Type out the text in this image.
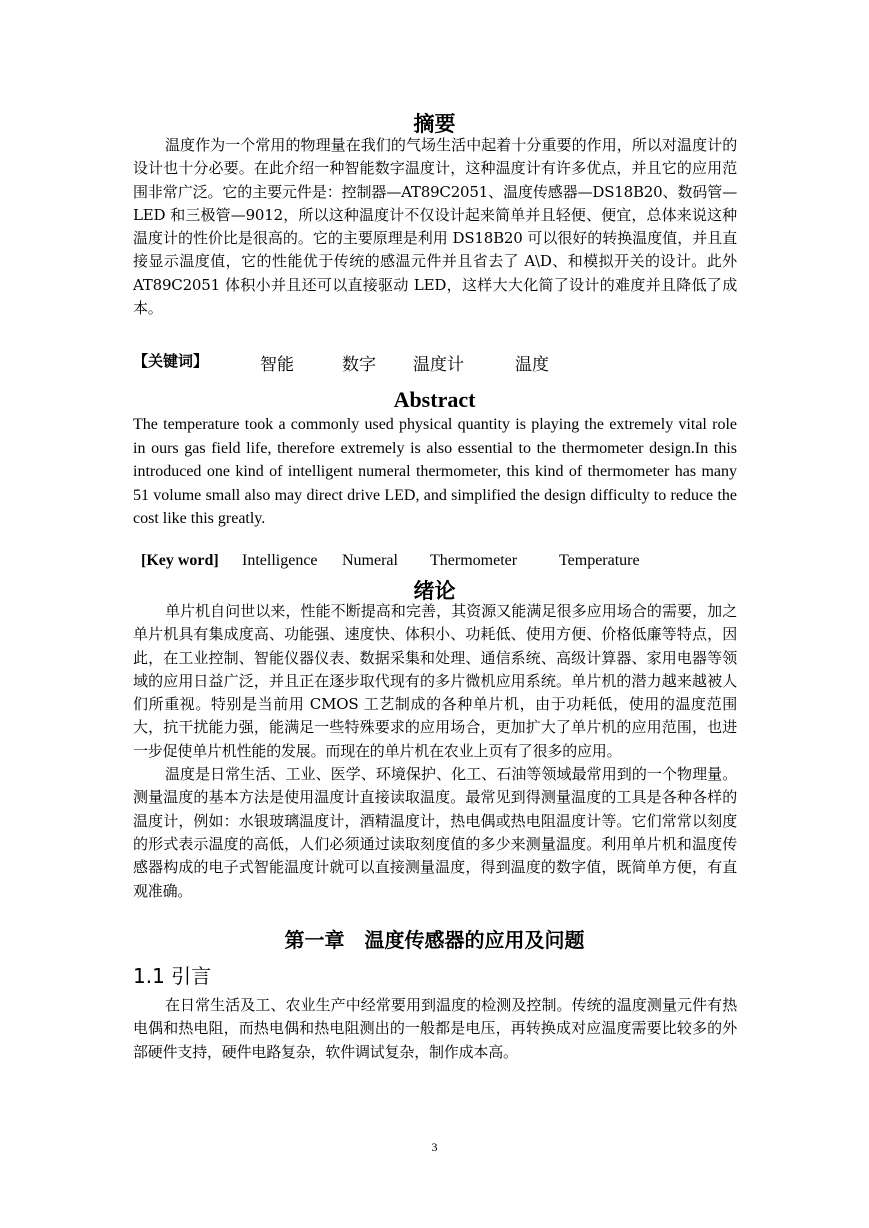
摘要

温度作为一个常用的物理量在我们的气场生活中起着十分重要的作用，所以对温度计的设计也十分必要。在此介绍一种智能数字温度计，这种温度计有许多优点，并且它的应用范围非常广泛。它的主要元件是：控制器—AT89C2051、温度传感器—DS18B20、数码管—LED 和三极管—9012，所以这种温度计不仅设计起来简单并且轻便、便宜，总体来说这种温度计的性价比是很高的。它的主要原理是利用 DS18B20 可以很好的转换温度值，并且直接显示温度值，它的性能优于传统的感温元件并且省去了 A\D、和模拟开关的设计。此外 AT89C2051 体积小并且还可以直接驱动 LED，这样大大化简了设计的难度并且降低了成本。

【关键词】	智能	数字 温度计	温度
Abstract

The temperature took a commonly used physical quantity is playing the extremely vital role in ours gas field life, therefore extremely is also essential to the thermometer design.In this introduced one kind of intelligent numeral thermometer, this kind of thermometer has many 51 volume small also may direct drive LED, and simplified the design difficulty to reduce the cost like this greatly.

[Key word] Intelligence Numeral Thermometer	Temperature
绪论

单片机自问世以来，性能不断提高和完善，其资源又能满足很多应用场合的需要，加之单片机具有集成度高、功能强、速度快、体积小、功耗低、使用方便、价格低廉等特点，因此，在工业控制、智能仪器仪表、数据采集和处理、通信系统、高级计算器、家用电器等领域的应用日益广泛，并且正在逐步取代现有的多片微机应用系统。单片机的潜力越来越被人们所重视。特别是当前用 CMOS 工艺制成的各种单片机，由于功耗低，使用的温度范围大，抗干扰能力强，能满足一些特殊要求的应用场合，更加扩大了单片机的应用范围，也进一步促使单片机性能的发展。而现在的单片机在农业上页有了很多的应用。

温度是日常生活、工业、医学、环境保护、化工、石油等领域最常用到的一个物理量。测量温度的基本方法是使用温度计直接读取温度。最常见到得测量温度的工具是各种各样的温度计，例如：水银玻璃温度计，酒精温度计，热电偶或热电阻温度计等。它们常常以刻度的形式表示温度的高低，人们必须通过读取刻度值的多少来测量温度。利用单片机和温度传感器构成的电子式智能温度计就可以直接测量温度，得到温度的数字值，既简单方便，有直观准确。

第一章　温度传感器的应用及问题
1.1 引言

在日常生活及工、农业生产中经常要用到温度的检测及控制。传统的温度测量元件有热电偶和热电阻，而热电偶和热电阻测出的一般都是电压，再转换成对应温度需要比较多的外部硬件支持，硬件电路复杂，软件调试复杂，制作成本高。

3
